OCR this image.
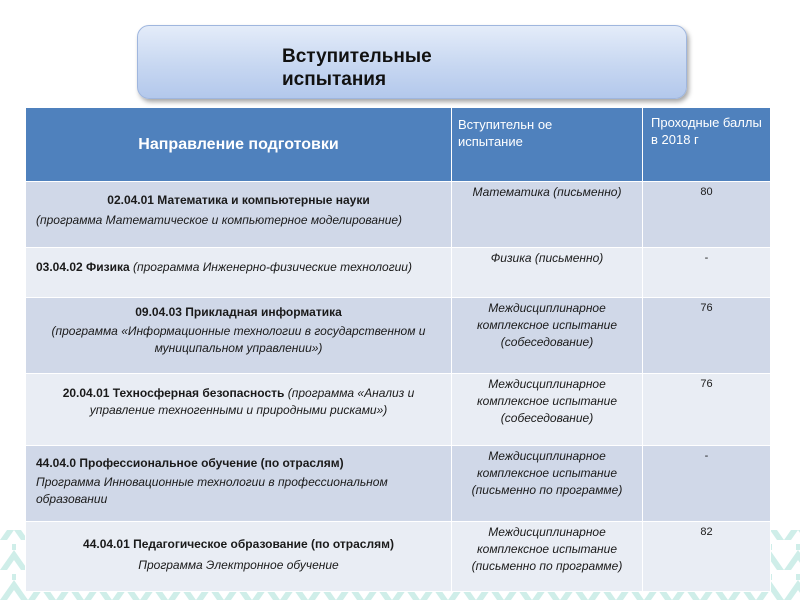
Вступительные испытания
Направление подготовки	Вступительн ое испытание	Проходные баллы в 2018 г

02.04.01 Математика и компьютерные науки
(программа Математическое и компьютерное моделирование)	Математика (письменно)	80

03.04.02 Физика (программа Инженерно-физические технологии)	Физика (письменно)	-

09.04.03 Прикладная информатика
(программа «Информационные технологии в государственном и муниципальном управлении»)	Междисциплинарное комплексное испытание (собеседование)	76

20.04.01 Техносферная безопасность (программа «Анализ и управление техногенными и природными рисками»)	Междисциплинарное комплексное испытание (собеседование)	76

44.04.0 Профессиональное обучение (по отраслям)
Программа Инновационные технологии в профессиональном образовании	Междисциплинарное комплексное испытание (письменно по программе)	-

44.04.01 Педагогическое образование (по отраслям)
Программа Электронное обучение	Междисциплинарное комплексное испытание (письменно по программе)	82
